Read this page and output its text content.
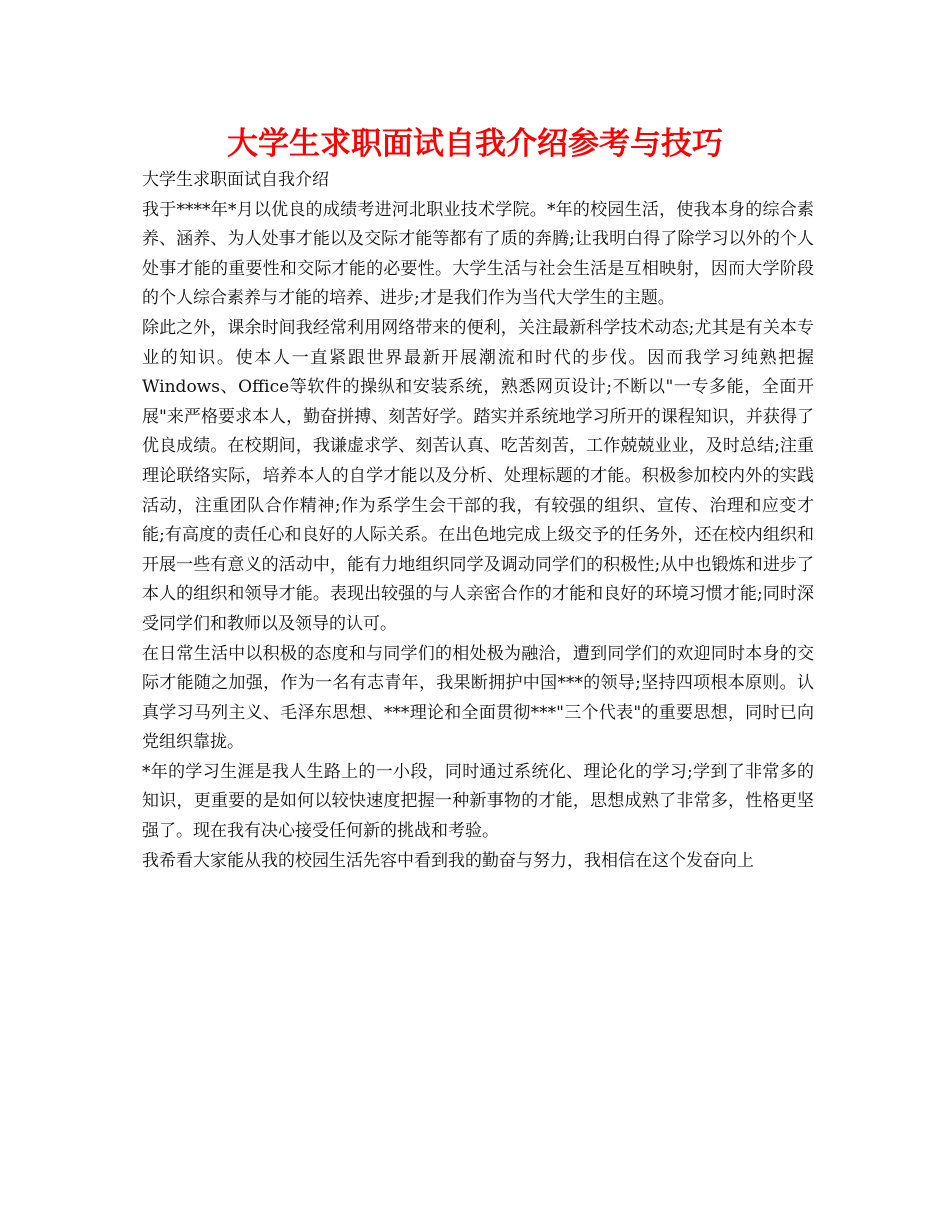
大学生求职面试自我介绍参考与技巧

大学生求职面试自我介绍

我于****年*月以优良的成绩考进河北职业技术学院。*年的校园生活，使我本身的综合素养、涵养、为人处事才能以及交际才能等都有了质的奔腾;让我明白得了除学习以外的个人处事才能的重要性和交际才能的必要性。大学生活与社会生活是互相映射，因而大学阶段的个人综合素养与才能的培养、进步;才是我们作为当代大学生的主题。

除此之外，课余时间我经常利用网络带来的便利，关注最新科学技术动态;尤其是有关本专业的知识。使本人一直紧跟世界最新开展潮流和时代的步伐。因而我学习纯熟把握Windows、Office等软件的操纵和安装系统，熟悉网页设计;不断以"一专多能，全面开展"来严格要求本人，勤奋拼搏、刻苦好学。踏实并系统地学习所开的课程知识，并获得了优良成绩。在校期间，我谦虚求学、刻苦认真、吃苦刻苦，工作兢兢业业，及时总结;注重理论联络实际，培养本人的自学才能以及分析、处理标题的才能。积极参加校内外的实践活动，注重团队合作精神;作为系学生会干部的我，有较强的组织、宣传、治理和应变才能;有高度的责任心和良好的人际关系。在出色地完成上级交予的任务外，还在校内组织和开展一些有意义的活动中，能有力地组织同学及调动同学们的积极性;从中也锻炼和进步了本人的组织和领导才能。表现出较强的与人亲密合作的才能和良好的环境习惯才能;同时深受同学们和教师以及领导的认可。

在日常生活中以积极的态度和与同学们的相处极为融洽，遭到同学们的欢迎同时本身的交际才能随之加强，作为一名有志青年，我果断拥护中国***的领导;坚持四项根本原则。认真学习马列主义、毛泽东思想、***理论和全面贯彻***"三个代表"的重要思想，同时已向党组织靠拢。

*年的学习生涯是我人生路上的一小段，同时通过系统化、理论化的学习;学到了非常多的知识，更重要的是如何以较快速度把握一种新事物的才能，思想成熟了非常多，性格更坚强了。现在我有决心接受任何新的挑战和考验。

我希看大家能从我的校园生活先容中看到我的勤奋与努力，我相信在这个发奋向上
